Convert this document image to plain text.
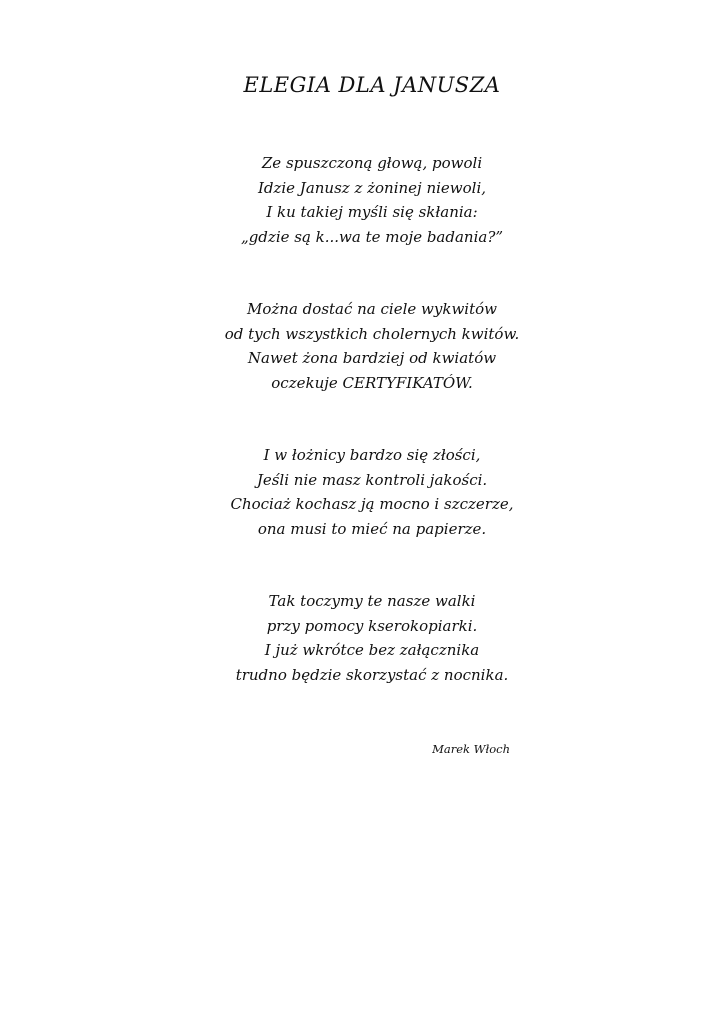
ELEGIA DLA JANUSZA
Ze spuszczoną głową, powoli
Idzie Janusz z żoninej niewoli,
I ku takiej myśli się skłania:
„gdzie są k...wa te moje badania?”
Można dostać na ciele wykwitów
od tych wszystkich cholernych kwitów.
Nawet żona bardziej od kwiatów
oczekuje CERTYFIKATÓW.
I w łożnicy bardzo się złości,
Jeśli nie masz kontroli jakości.
Chociaż kochasz ją mocno i szczerze,
ona musi to mieć na papierze.
Tak toczymy te nasze walki
przy pomocy kserokopiarki.
I już wkrótce bez załącznika
trudno będzie skorzystać z nocnika.
Marek Włoch
